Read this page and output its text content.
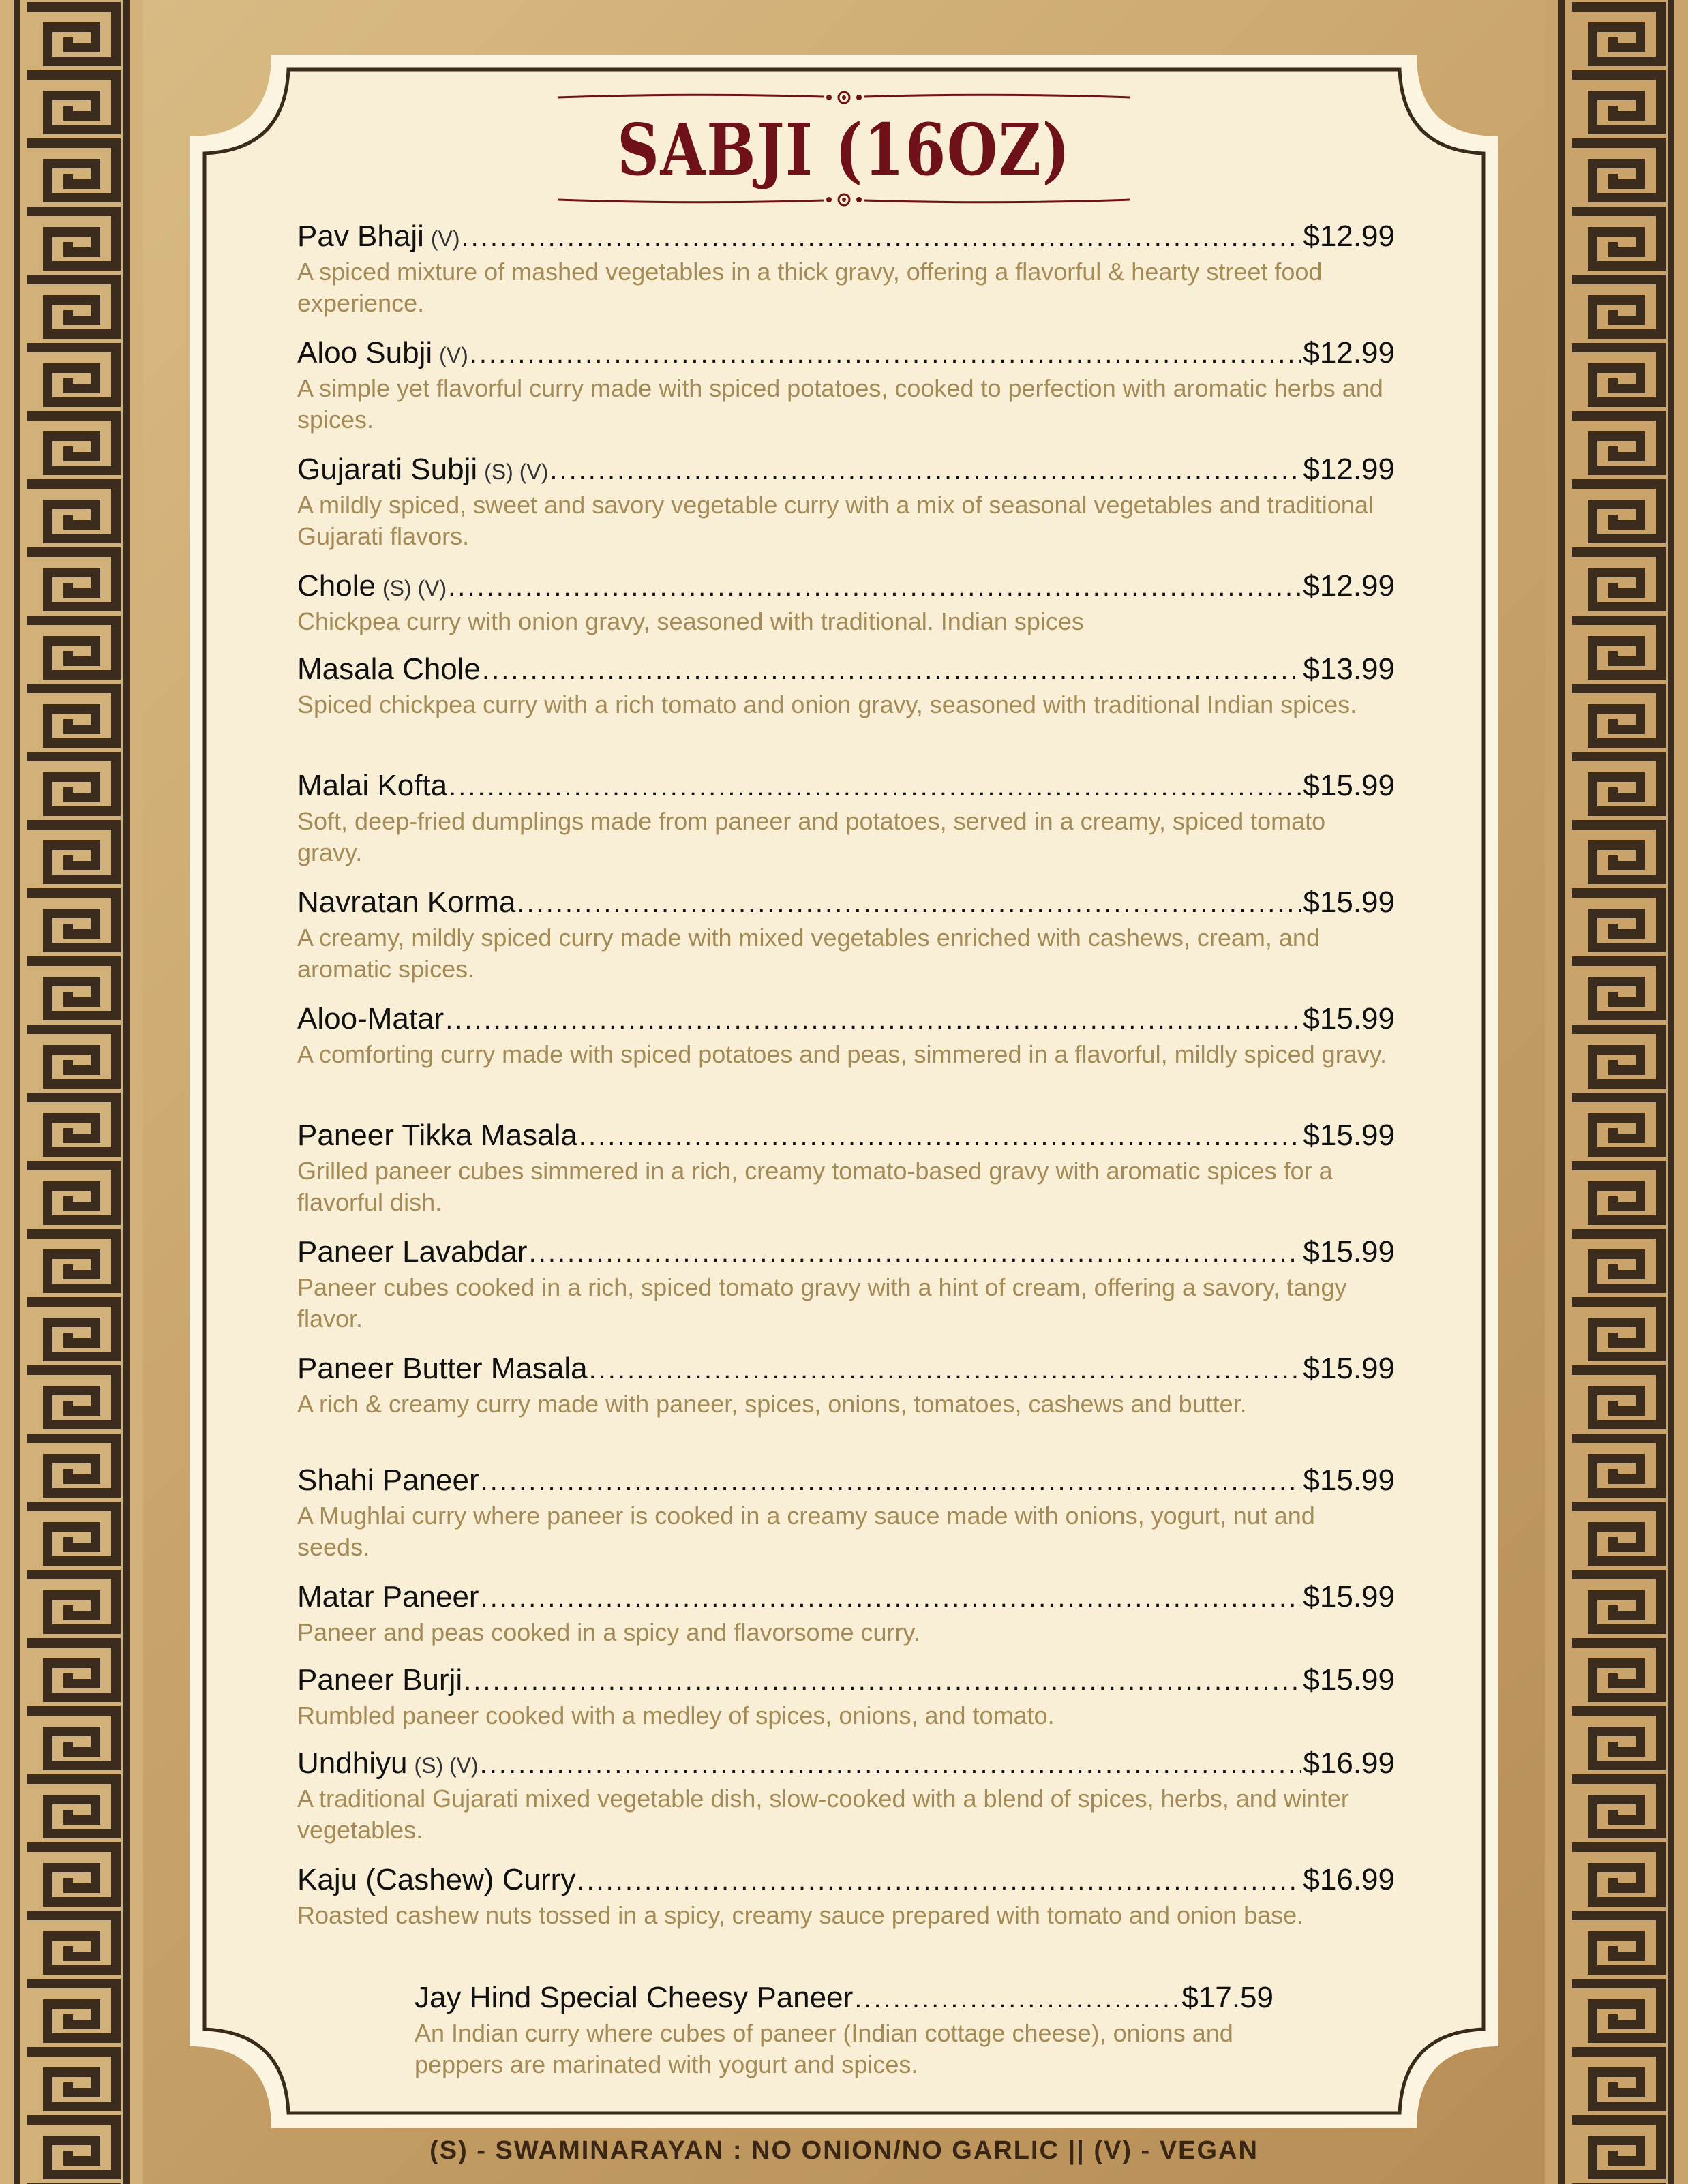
SABJI (16OZ)
Pav Bhaji (V) .....	$12.99
A spiced mixture of mashed vegetables in a thick gravy, offering a flavorful & hearty street food experience.
Aloo Subji (V) .....	$12.99
A simple yet flavorful curry made with spiced potatoes, cooked to perfection with aromatic herbs and spices.
Gujarati Subji (S) (V) .....	$12.99
A mildly spiced, sweet and savory vegetable curry with a mix of seasonal vegetables and traditional Gujarati flavors.
Chole (S) (V) .....	$12.99
Chickpea curry with onion gravy, seasoned with traditional. Indian spices
Masala Chole .....	$13.99
Spiced chickpea curry with a rich tomato and onion gravy, seasoned with traditional Indian spices.
Malai Kofta .....	$15.99
Soft, deep-fried dumplings made from paneer and potatoes, served in a creamy, spiced tomato gravy.
Navratan Korma .....	$15.99
A creamy, mildly spiced curry made with mixed vegetables enriched with cashews, cream, and aromatic spices.
Aloo-Matar .....	$15.99
A comforting curry made with spiced potatoes and peas, simmered in a flavorful, mildly spiced gravy.
Paneer Tikka Masala .....	$15.99
Grilled paneer cubes simmered in a rich, creamy tomato-based gravy with aromatic spices for a flavorful dish.
Paneer Lavabdar .....	$15.99
Paneer cubes cooked in a rich, spiced tomato gravy with a hint of cream, offering a savory, tangy flavor.
Paneer Butter Masala .....	$15.99
A rich & creamy curry made with paneer, spices, onions, tomatoes, cashews and butter.
Shahi Paneer .....	$15.99
A Mughlai curry where paneer is cooked in a creamy sauce made with onions, yogurt, nut and seeds.
Matar Paneer .....	$15.99
Paneer and peas cooked in a spicy and flavorsome curry.
Paneer Burji .....	$15.99
Rumbled paneer cooked with a medley of spices, onions, and tomato.
Undhiyu (S) (V) .....	$16.99
A traditional Gujarati mixed vegetable dish, slow-cooked with a blend of spices, herbs, and winter vegetables.
Kaju (Cashew) Curry .....	$16.99
Roasted cashew nuts tossed in a spicy, creamy sauce prepared with tomato and onion base.
Jay Hind Special Cheesy Paneer .....	$17.59
An Indian curry where cubes of paneer (Indian cottage cheese), onions and peppers are marinated with yogurt and spices.
(S) - SWAMINARAYAN : NO ONION/NO GARLIC || (V) - VEGAN
